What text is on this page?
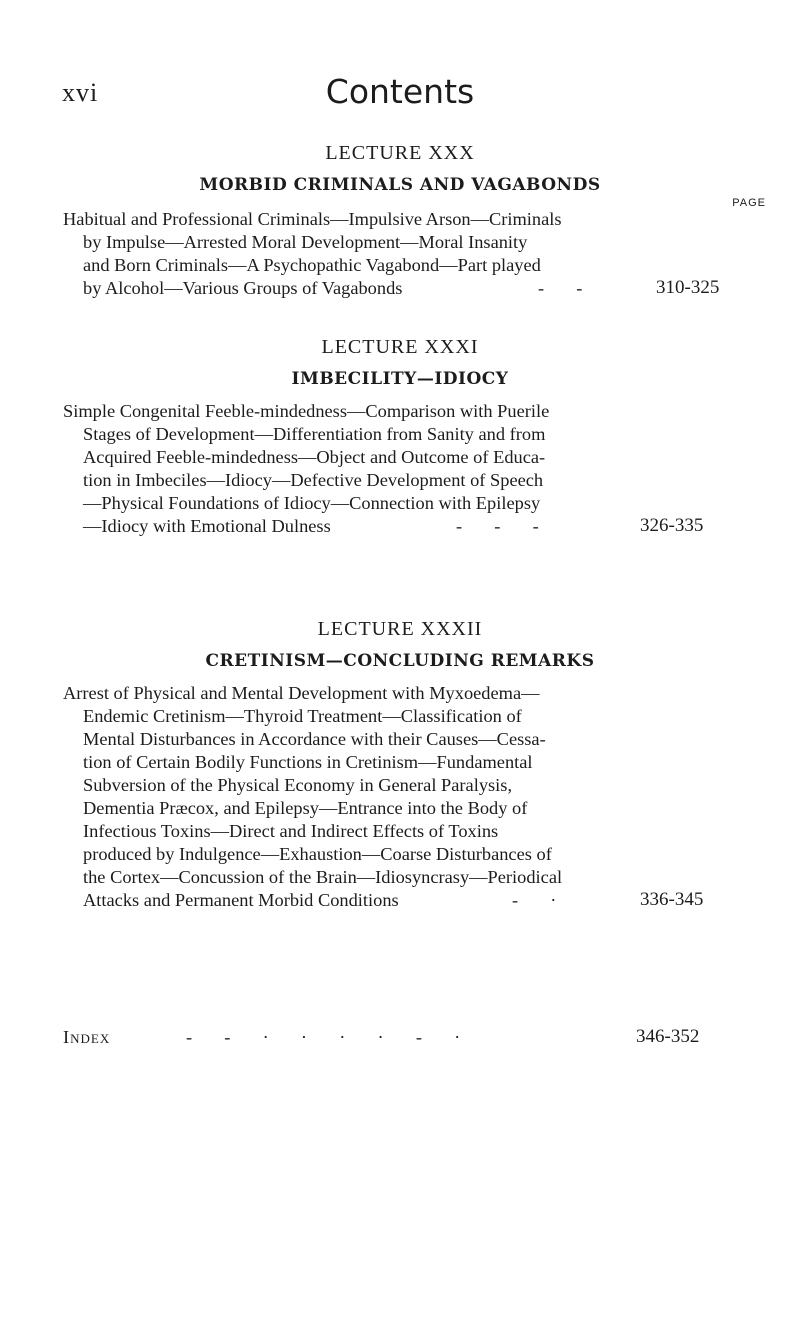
xvi	Contents
LECTURE XXX
MORBID CRIMINALS AND VAGABONDS
PAGE
Habitual and Professional Criminals—Impulsive Arson—Criminals
by Impulse—Arrested Moral Development—Moral Insanity
and Born Criminals—A Psychopathic Vagabond—Part played
by Alcohol—Various Groups of Vagabonds	-       -	310-325
LECTURE XXXI
IMBECILITY—IDIOCY
Simple Congenital Feeble-mindedness—Comparison with Puerile
Stages of Development—Differentiation from Sanity and from
Acquired Feeble-mindedness—Object and Outcome of Educa-
tion in Imbeciles—Idiocy—Defective Development of Speech
—Physical Foundations of Idiocy—Connection with Epilepsy
—Idiocy with Emotional Dulness	-       -       -	326-335
LECTURE XXXII
CRETINISM—CONCLUDING REMARKS
Arrest of Physical and Mental Development with Myxoedema—
Endemic Cretinism—Thyroid Treatment—Classification of
Mental Disturbances in Accordance with their Causes—Cessa-
tion of Certain Bodily Functions in Cretinism—Fundamental
Subversion of the Physical Economy in General Paralysis,
Dementia Præcox, and Epilepsy—Entrance into the Body of
Infectious Toxins—Direct and Indirect Effects of Toxins
produced by Indulgence—Exhaustion—Coarse Disturbances of
the Cortex—Concussion of the Brain—Idiosyncrasy—Periodical
Attacks and Permanent Morbid Conditions	-       ·	336-345
Index	-       -       ·       ·       ·       ·       -       ·	346-352
